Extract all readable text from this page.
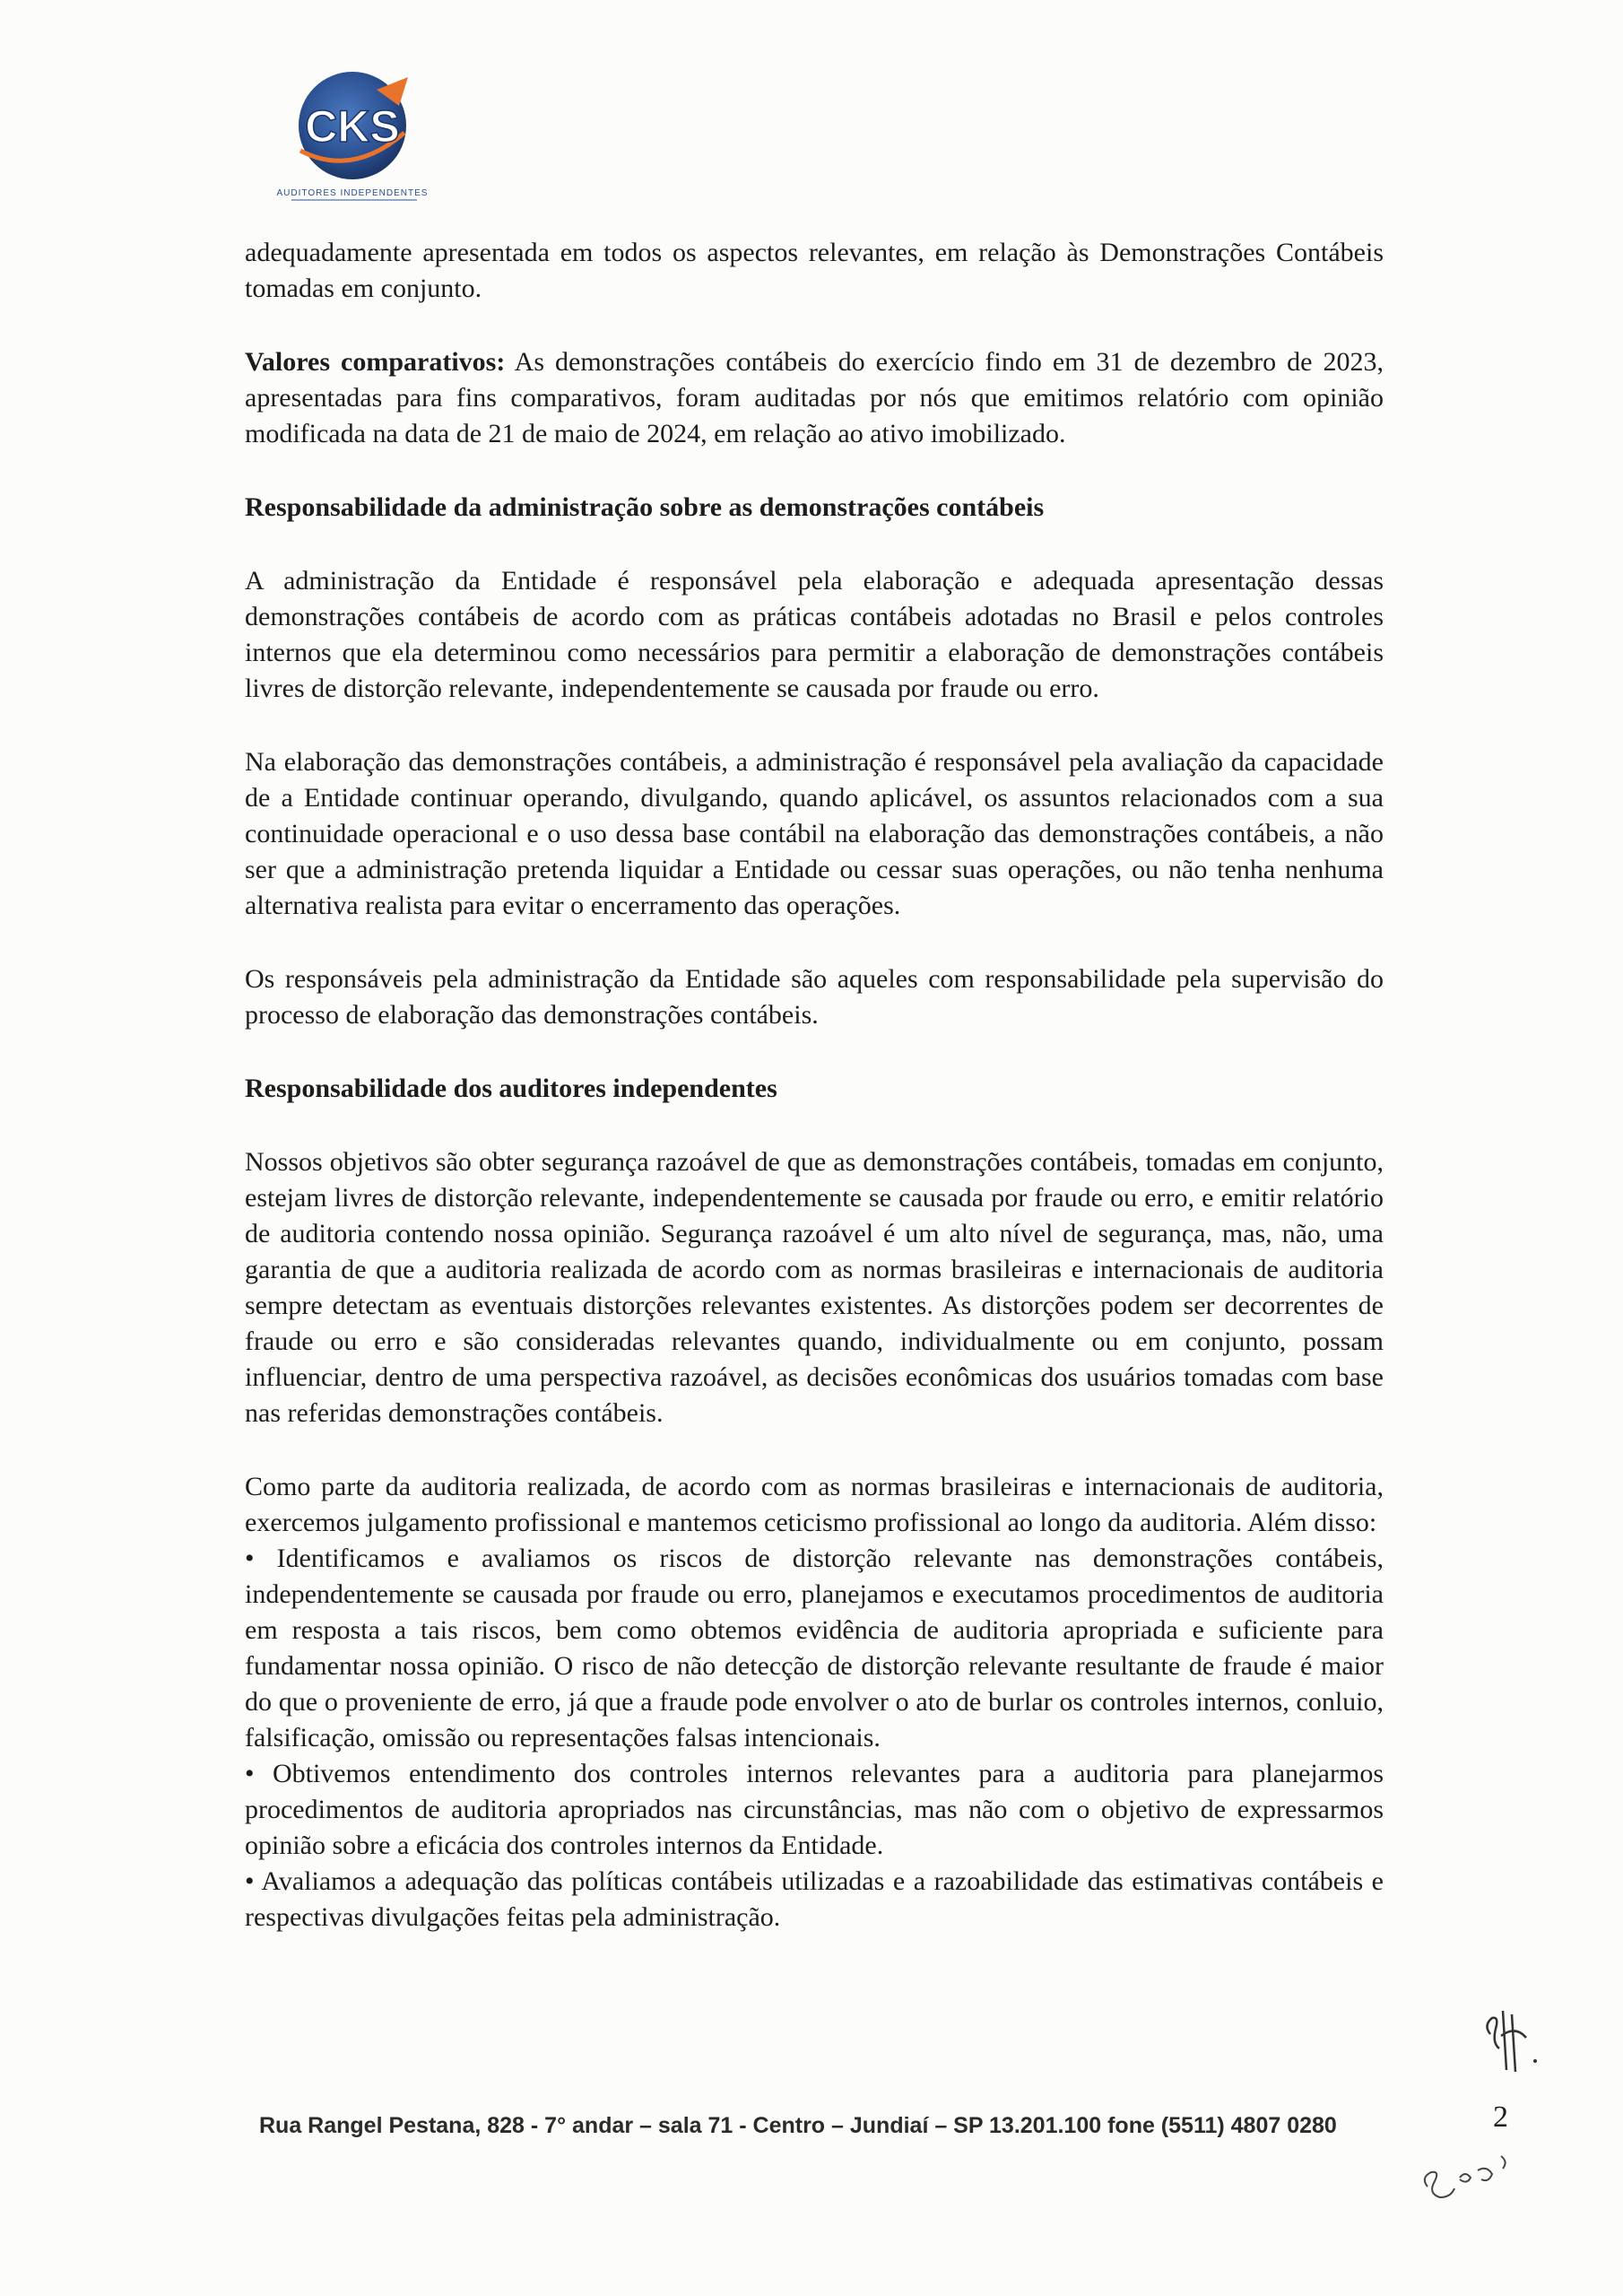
CKS
AUDITORES INDEPENDENTES

adequadamente apresentada em todos os aspectos relevantes, em relação às Demonstrações Contábeis tomadas em conjunto.

Valores comparativos: As demonstrações contábeis do exercício findo em 31 de dezembro de 2023, apresentadas para fins comparativos, foram auditadas por nós que emitimos relatório com opinião modificada na data de 21 de maio de 2024, em relação ao ativo imobilizado.

Responsabilidade da administração sobre as demonstrações contábeis

A administração da Entidade é responsável pela elaboração e adequada apresentação dessas demonstrações contábeis de acordo com as práticas contábeis adotadas no Brasil e pelos controles internos que ela determinou como necessários para permitir a elaboração de demonstrações contábeis livres de distorção relevante, independentemente se causada por fraude ou erro.

Na elaboração das demonstrações contábeis, a administração é responsável pela avaliação da capacidade de a Entidade continuar operando, divulgando, quando aplicável, os assuntos relacionados com a sua continuidade operacional e o uso dessa base contábil na elaboração das demonstrações contábeis, a não ser que a administração pretenda liquidar a Entidade ou cessar suas operações, ou não tenha nenhuma alternativa realista para evitar o encerramento das operações.

Os responsáveis pela administração da Entidade são aqueles com responsabilidade pela supervisão do processo de elaboração das demonstrações contábeis.

Responsabilidade dos auditores independentes

Nossos objetivos são obter segurança razoável de que as demonstrações contábeis, tomadas em conjunto, estejam livres de distorção relevante, independentemente se causada por fraude ou erro, e emitir relatório de auditoria contendo nossa opinião. Segurança razoável é um alto nível de segurança, mas, não, uma garantia de que a auditoria realizada de acordo com as normas brasileiras e internacionais de auditoria sempre detectam as eventuais distorções relevantes existentes. As distorções podem ser decorrentes de fraude ou erro e são consideradas relevantes quando, individualmente ou em conjunto, possam influenciar, dentro de uma perspectiva razoável, as decisões econômicas dos usuários tomadas com base nas referidas demonstrações contábeis.

Como parte da auditoria realizada, de acordo com as normas brasileiras e internacionais de auditoria, exercemos julgamento profissional e mantemos ceticismo profissional ao longo da auditoria. Além disso:

• Identificamos e avaliamos os riscos de distorção relevante nas demonstrações contábeis, independentemente se causada por fraude ou erro, planejamos e executamos procedimentos de auditoria em resposta a tais riscos, bem como obtemos evidência de auditoria apropriada e suficiente para fundamentar nossa opinião. O risco de não detecção de distorção relevante resultante de fraude é maior do que o proveniente de erro, já que a fraude pode envolver o ato de burlar os controles internos, conluio, falsificação, omissão ou representações falsas intencionais.

• Obtivemos entendimento dos controles internos relevantes para a auditoria para planejarmos procedimentos de auditoria apropriados nas circunstâncias, mas não com o objetivo de expressarmos opinião sobre a eficácia dos controles internos da Entidade.

• Avaliamos a adequação das políticas contábeis utilizadas e a razoabilidade das estimativas contábeis e respectivas divulgações feitas pela administração.

Rua Rangel Pestana, 828 - 7° andar – sala 71 - Centro – Jundiaí – SP 13.201.100 fone (5511) 4807 0280	2
